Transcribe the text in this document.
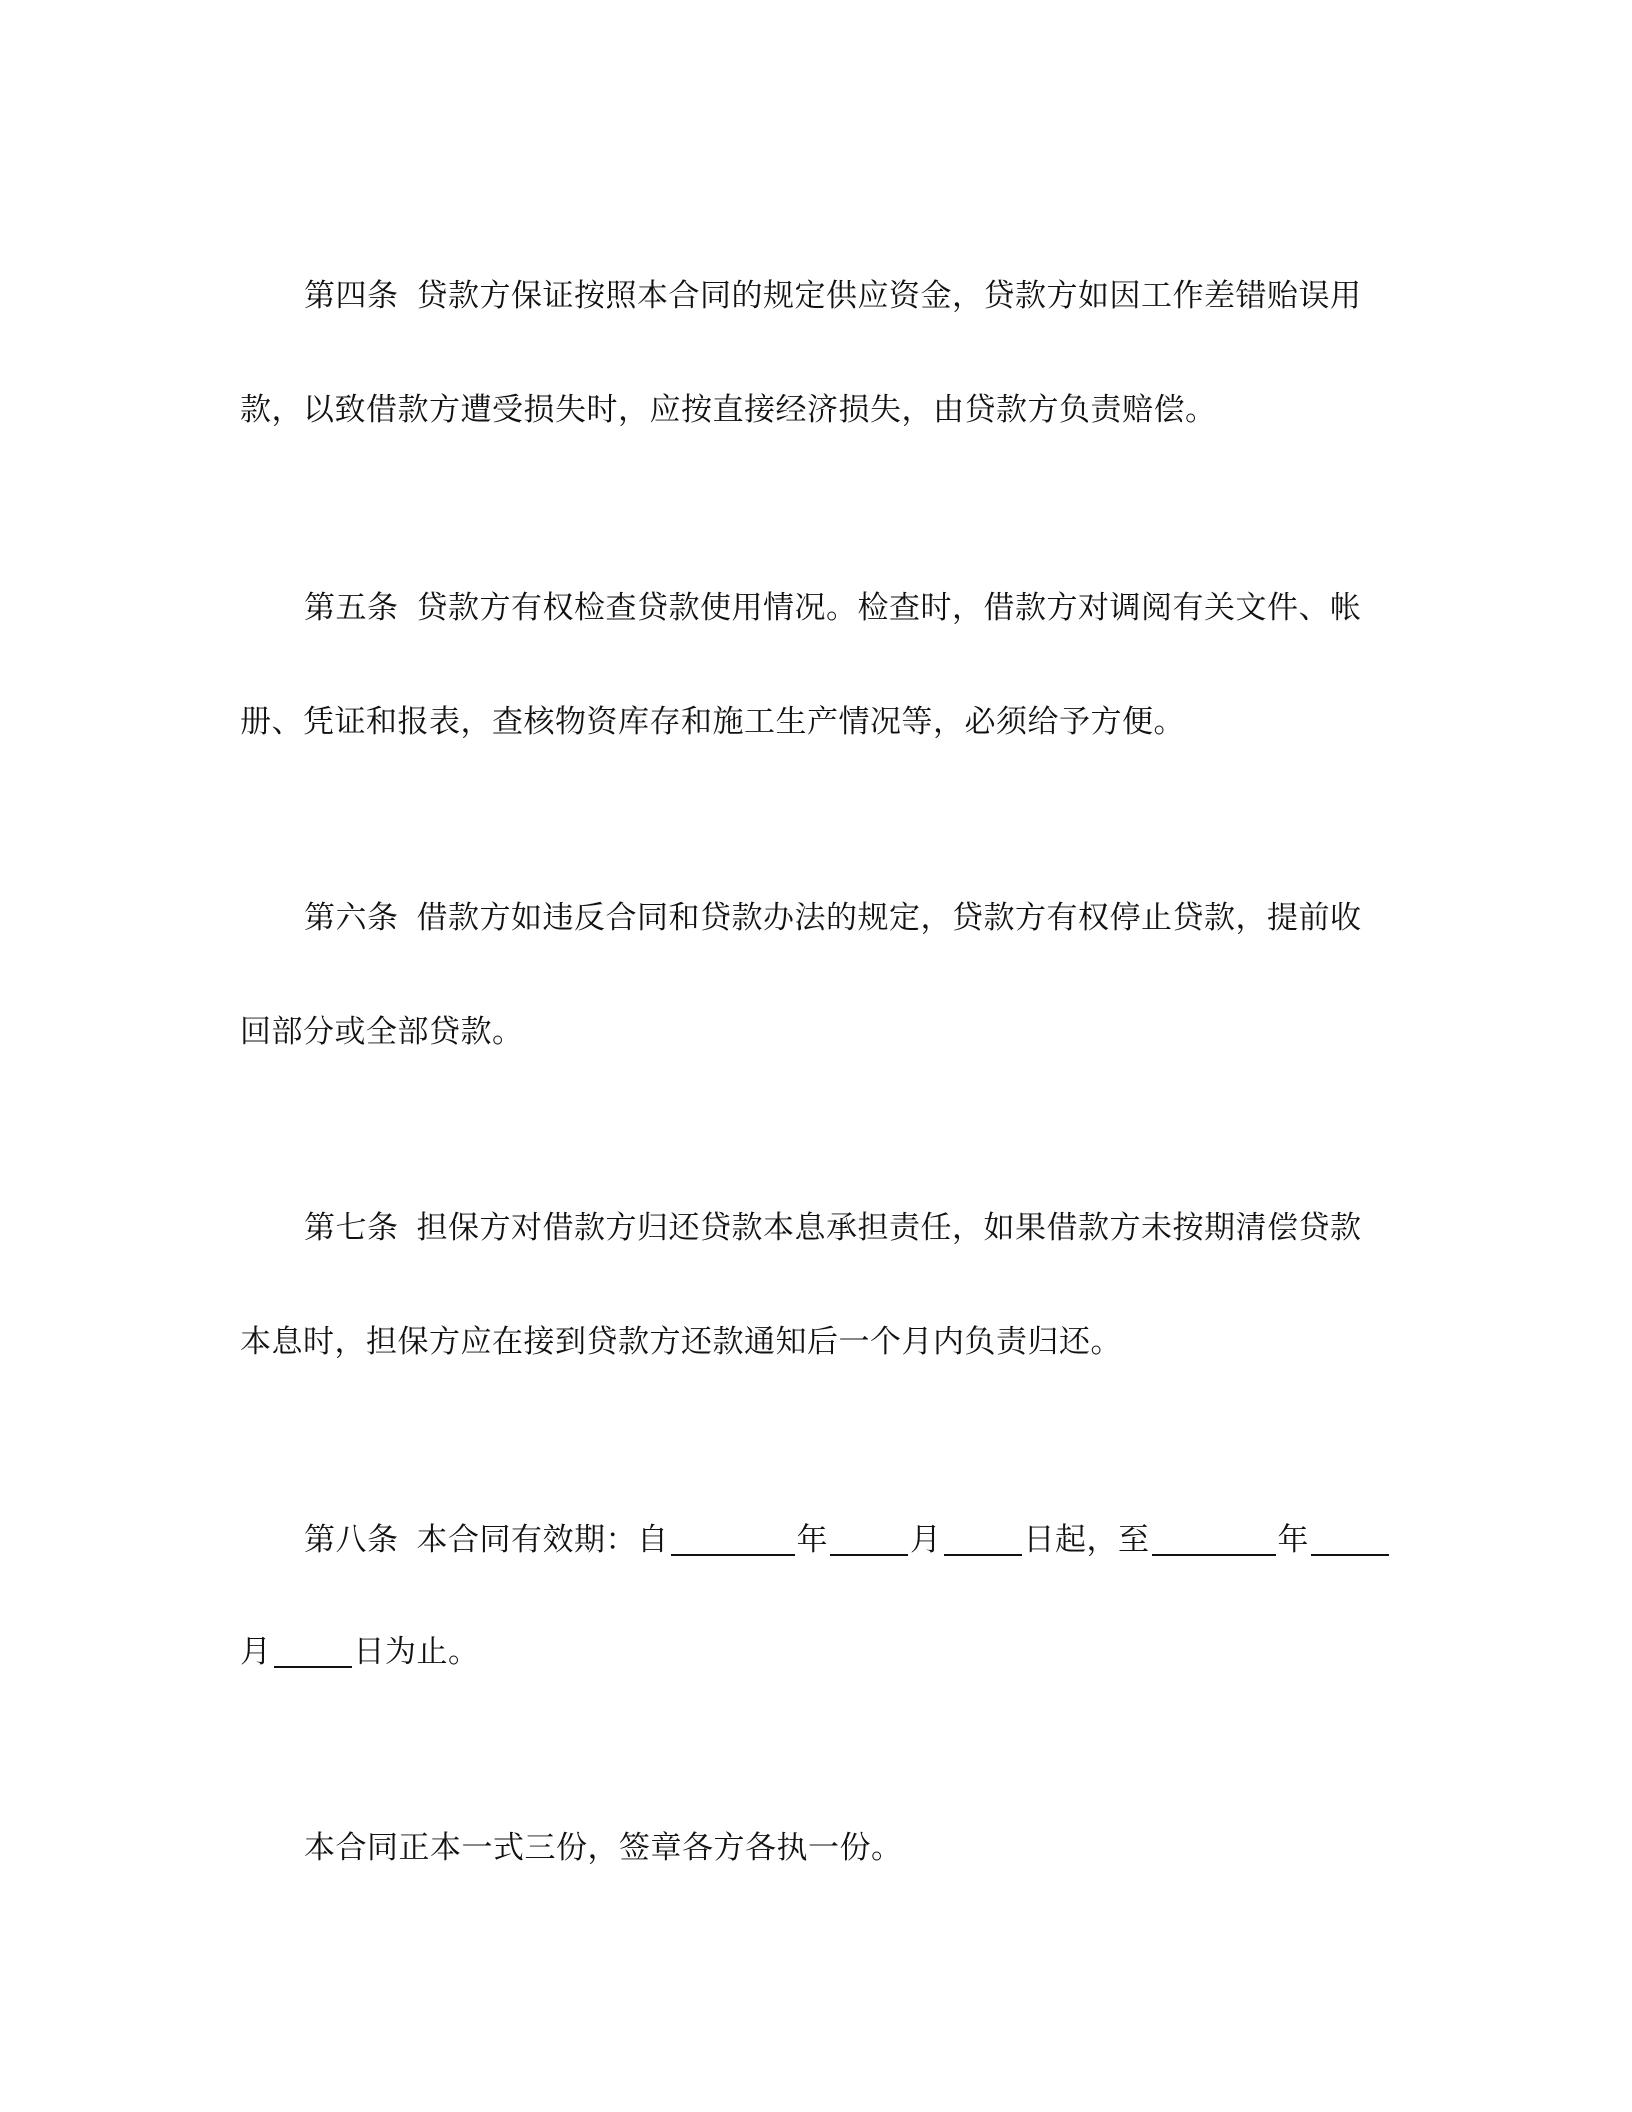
第四条 贷款方保证按照本合同的规定供应资金，贷款方如因工作差错贻误用
款，以致借款方遭受损失时，应按直接经济损失，由贷款方负责赔偿。
第五条 贷款方有权检查贷款使用情况。检查时，借款方对调阅有关文件、帐
册、凭证和报表，查核物资库存和施工生产情况等，必须给予方便。
第六条 借款方如违反合同和贷款办法的规定，贷款方有权停止贷款，提前收
回部分或全部贷款。
第七条 担保方对借款方归还贷款本息承担责任，如果借款方未按期清偿贷款
本息时，担保方应在接到贷款方还款通知后一个月内负责归还。
第八条 本合同有效期：自	年	月	日起，至	年
月	日为止。
本合同正本一式三份，签章各方各执一份。
